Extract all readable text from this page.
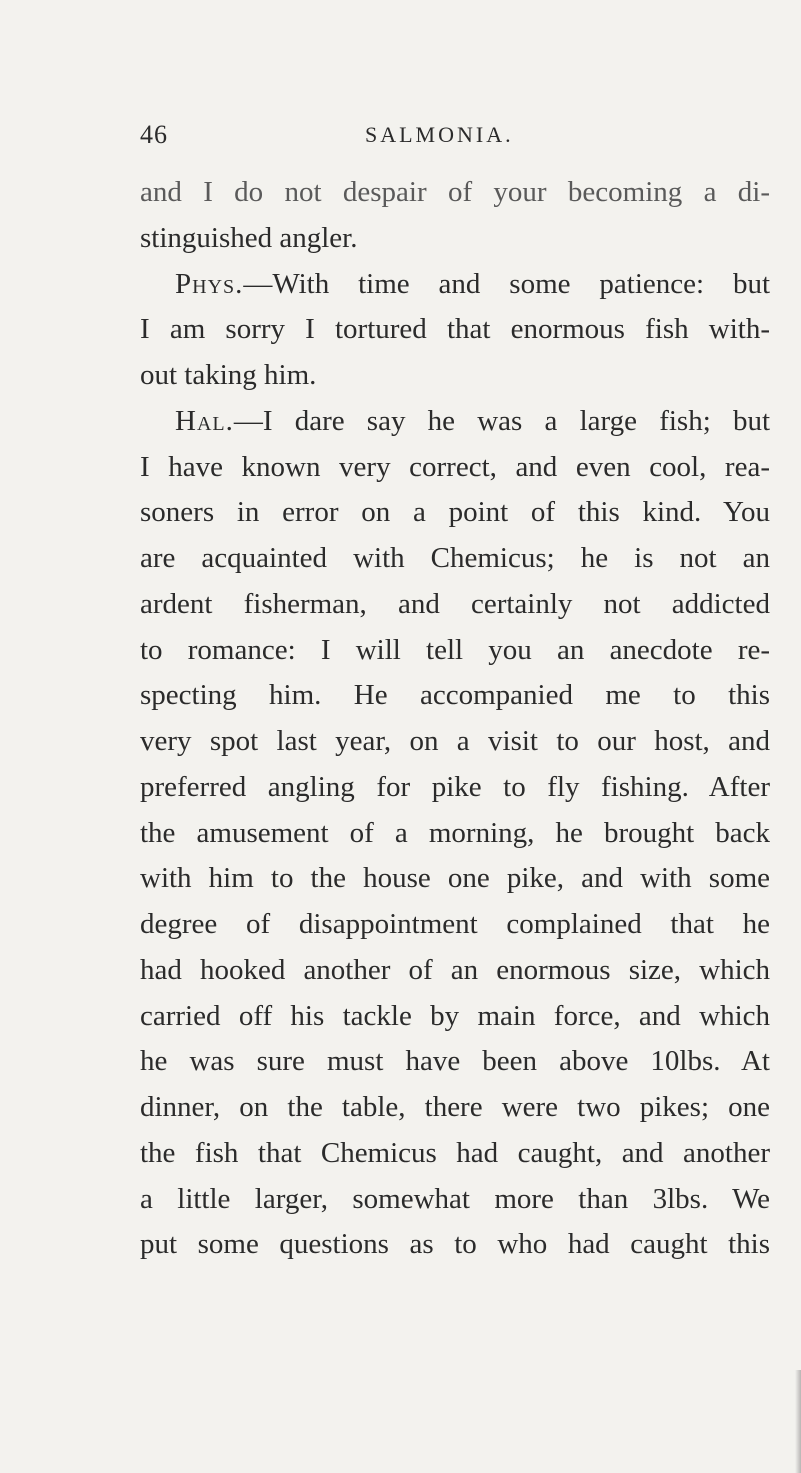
46	SALMONIA.
and I do not despair of your becoming a di-
stinguished angler.
Phys.—With time and some patience: but
I am sorry I tortured that enormous fish with-
out taking him.
Hal.—I dare say he was a large fish; but
I have known very correct, and even cool, rea-
soners in error on a point of this kind. You
are acquainted with Chemicus; he is not an
ardent fisherman, and certainly not addicted
to romance: I will tell you an anecdote re-
specting him. He accompanied me to this
very spot last year, on a visit to our host, and
preferred angling for pike to fly fishing. After
the amusement of a morning, he brought back
with him to the house one pike, and with some
degree of disappointment complained that he
had hooked another of an enormous size, which
carried off his tackle by main force, and which
he was sure must have been above 10lbs. At
dinner, on the table, there were two pikes; one
the fish that Chemicus had caught, and another
a little larger, somewhat more than 3lbs. We
put some questions as to who had caught this
